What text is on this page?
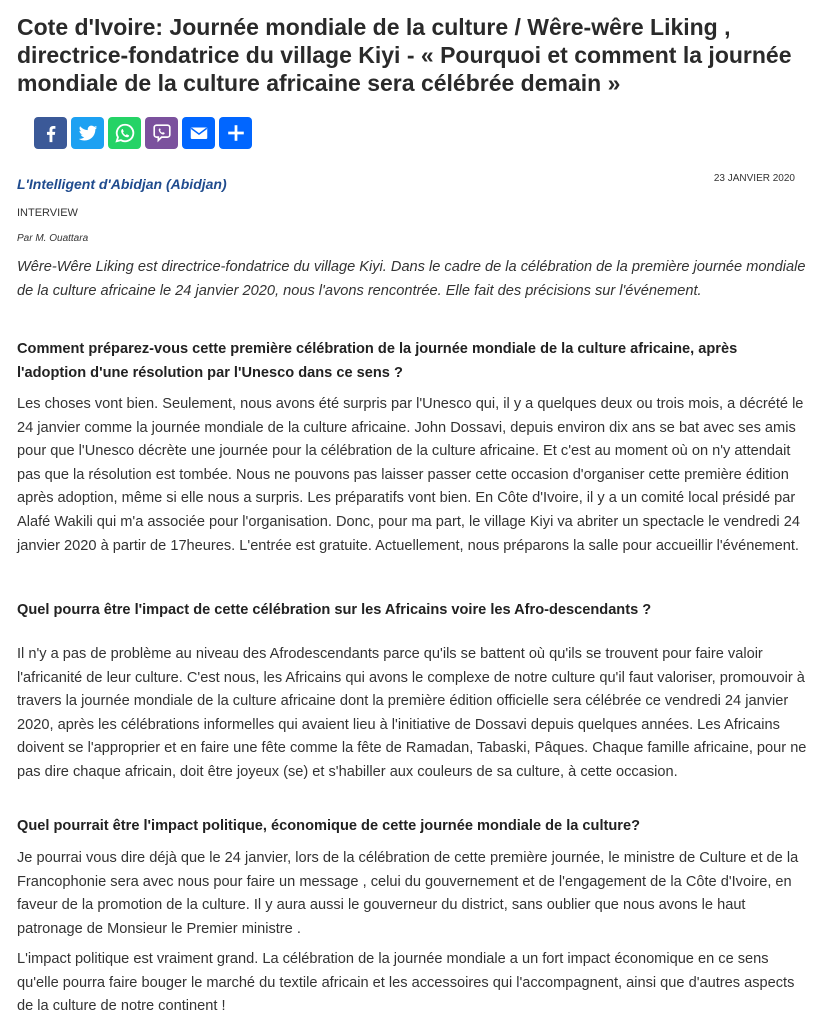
Cote d'Ivoire: Journée mondiale de la culture / Wêre-wêre Liking , directrice-fondatrice du village Kiyi - « Pourquoi et comment la journée mondiale de la culture africaine sera célébrée demain »
L'Intelligent d'Abidjan (Abidjan)	23 JANVIER 2020
INTERVIEW
Par M. Ouattara

Wêre-Wêre Liking est directrice-fondatrice du village Kiyi. Dans le cadre de la célébration de la première journée mondiale de la culture africaine le 24 janvier 2020, nous l'avons rencontrée. Elle fait des précisions sur l'événement.

Comment préparez-vous cette première célébration de la journée mondiale de la culture africaine, après l'adoption d'une résolution par l'Unesco dans ce sens ?

Les choses vont bien. Seulement, nous avons été surpris par l'Unesco qui, il y a quelques deux ou trois mois, a décrété le 24 janvier comme la journée mondiale de la culture africaine. John Dossavi, depuis environ dix ans se bat avec ses amis pour que l'Unesco décrète une journée pour la célébration de la culture africaine. Et c'est au moment où on n'y attendait pas que la résolution est tombée. Nous ne pouvons pas laisser passer cette occasion d'organiser cette première édition après adoption, même si elle nous a surpris. Les préparatifs vont bien. En Côte d'Ivoire, il y a un comité local présidé par Alafé Wakili qui m'a associée pour l'organisation. Donc, pour ma part, le village Kiyi va abriter un spectacle le vendredi 24 janvier 2020 à partir de 17heures. L'entrée est gratuite. Actuellement, nous préparons la salle pour accueillir l'événement.

Quel pourra être l'impact de cette célébration sur les Africains voire les Afro-descendants ?

Il n'y a pas de problème au niveau des Afrodescendants parce qu'ils se battent où qu'ils se trouvent pour faire valoir l'africanité de leur culture. C'est nous, les Africains qui avons le complexe de notre culture qu'il faut valoriser, promouvoir à travers la journée mondiale de la culture africaine dont la première édition officielle sera célébrée ce vendredi 24 janvier 2020, après les célébrations informelles qui avaient lieu à l'initiative de Dossavi depuis quelques années. Les Africains doivent se l'approprier et en faire une fête comme la fête de Ramadan, Tabaski, Pâques. Chaque famille africaine, pour ne pas dire chaque africain, doit être joyeux (se) et s'habiller aux couleurs de sa culture, à cette occasion.

Quel pourrait être l'impact politique, économique de cette journée mondiale de la culture?

Je pourrai vous dire déjà que le 24 janvier, lors de la célébration de cette première journée, le ministre de Culture et de la Francophonie sera avec nous pour faire un message , celui du gouvernement et de l'engagement de la Côte d'Ivoire, en faveur de la promotion de la culture. Il y aura aussi le gouverneur du district, sans oublier que nous avons le haut patronage de Monsieur le Premier ministre .

L'impact politique est vraiment grand. La célébration de la journée mondiale a un fort impact économique en ce sens qu'elle pourra faire bouger le marché du textile africain et les accessoires qui l'accompagnent, ainsi que d'autres aspects de la culture de notre continent !
